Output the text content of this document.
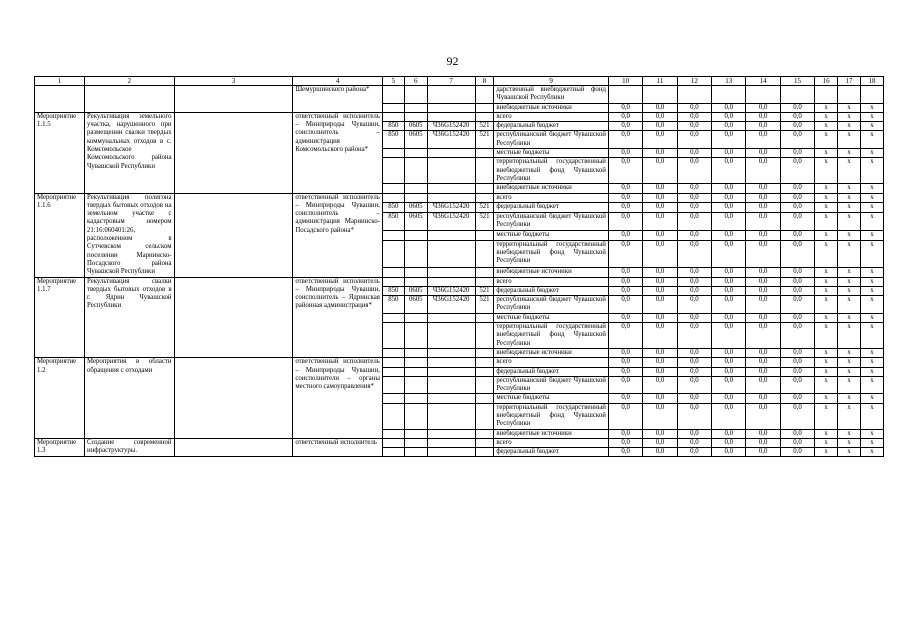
92
1	2	3	4	5	6	7	8	9	10	11	12	13	14	15	16	17	18
			Шемуршинского района*					дарственный внебюджетный фонд Чувашской Республики									
								внебюджетные источники	0,0	0,0	0,0	0,0	0,0	0,0	x	x	x
Мероприятие 1.1.5	Рекультивация земельного участка, нарушенного при размещении свалки твердых коммунальных отходов в с. Комсомольское Комсомольского района Чувашской Республики		ответственный исполнитель – Минприроды Чувашии, соисполнитель – администрация Комсомольского района*					всего	0,0	0,0	0,0	0,0	0,0	0,0	x	x	x
				850	0605	Ч36G152420	521	федеральный бюджет	0,0	0,0	0,0	0,0	0,0	0,0	x	x	x
				850	0605	Ч36G152420	521	республиканский бюджет Чувашской Республики	0,0	0,0	0,0	0,0	0,0	0,0	x	x	x
								местные бюджеты	0,0	0,0	0,0	0,0	0,0	0,0	x	x	x
								территориальный государственный внебюджетный фонд Чувашской Республики	0,0	0,0	0,0	0,0	0,0	0,0	x	x	x
								внебюджетные источники	0,0	0,0	0,0	0,0	0,0	0,0	x	x	x
Мероприятие 1.1.6	Рекультивация полигона твердых бытовых отходов на земельном участке с кадастровым номером 21:16:060401:26, расположенном в Сутчевском сельском поселении Мариинско-Посадского района Чувашской Республики		ответственный исполнитель – Минприроды Чувашии, соисполнитель – администрация Мариинско-Посадского района*					всего	0,0	0,0	0,0	0,0	0,0	0,0	x	x	x
				850	0605	Ч36G152420	521	федеральный бюджет	0,0	0,0	0,0	0,0	0,0	0,0	x	x	x
				850	0605	Ч36G152420	521	республиканский бюджет Чувашской Республики	0,0	0,0	0,0	0,0	0,0	0,0	x	x	x
								местные бюджеты	0,0	0,0	0,0	0,0	0,0	0,0	x	x	x
								территориальный государственный внебюджетный фонд Чувашской Республики	0,0	0,0	0,0	0,0	0,0	0,0	x	x	x
								внебюджетные источники	0,0	0,0	0,0	0,0	0,0	0,0	x	x	x
Мероприятие 1.1.7	Рекультивация свалки твердых бытовых отходов в г. Ядрин Чувашской Республики		ответственный исполнитель – Минприроды Чувашии, соисполнитель – Ядринская районная администрация*					всего	0,0	0,0	0,0	0,0	0,0	0,0	x	x	x
				850	0605	Ч36G152420	521	федеральный бюджет	0,0	0,0	0,0	0,0	0,0	0,0	x	x	x
				850	0605	Ч36G152420	521	республиканский бюджет Чувашской Республики	0,0	0,0	0,0	0,0	0,0	0,0	x	x	x
								местные бюджеты	0,0	0,0	0,0	0,0	0,0	0,0	x	x	x
								территориальный государственный внебюджетный фонд Чувашской Республики	0,0	0,0	0,0	0,0	0,0	0,0	x	x	x
								внебюджетные источники	0,0	0,0	0,0	0,0	0,0	0,0	x	x	x
Мероприятие 1.2	Мероприятия в области обращения с отходами		ответственный исполнитель – Минприроды Чувашии, соисполнители – органы местного самоуправления*					всего	0,0	0,0	0,0	0,0	0,0	0,0	x	x	x
								федеральный бюджет	0,0	0,0	0,0	0,0	0,0	0,0	x	x	x
								республиканский бюджет Чувашской Республики	0,0	0,0	0,0	0,0	0,0	0,0	x	x	x
								местные бюджеты	0,0	0,0	0,0	0,0	0,0	0,0	x	x	x
								территориальный государственный внебюджетный фонд Чувашской Республики	0,0	0,0	0,0	0,0	0,0	0,0	x	x	x
								внебюджетные источники	0,0	0,0	0,0	0,0	0,0	0,0	x	x	x
Мероприятие 1.3	Создание современной инфраструктуры.		ответственный исполнитель					всего	0,0	0,0	0,0	0,0	0,0	0,0	x	x	x
								федеральный бюджет	0,0	0,0	0,0	0,0	0,0	0,0	x	x	x
